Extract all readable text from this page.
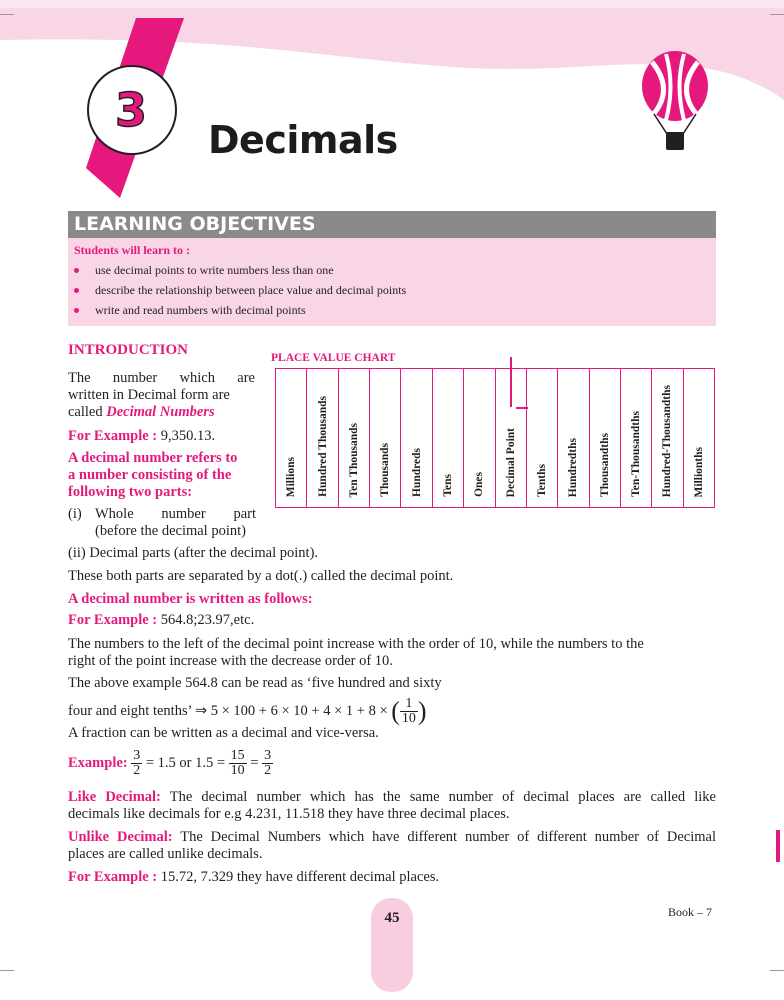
3
Decimals
LEARNING OBJECTIVES
Students will learn to :
use decimal points to write numbers less than one
describe the relationship between place value and decimal points
write and read numbers with decimal points
INTRODUCTION
The number which are
written in Decimal form are
called Decimal Numbers
For Example : 9,350.13.
A decimal number refers to
a number consisting of the
following two parts:
(i) Whole number part
(before the decimal point)
PLACE VALUE CHART
Millions Hundred Thousands Ten Thousands Thousands Hundreds Tens Ones Decimal Point Tenths Hundredths Thousandths Ten-Thousandths Hundred-Thousandths Millionths
(ii) Decimal parts (after the decimal point).
These both parts are separated by a dot(.) called the decimal point.
A decimal number is written as follows:
For Example : 564.8;23.97,etc.
The numbers to the left of the decimal point increase with the order of 10, while the numbers to the
right of the point increase with the decrease order of 10.
The above example 564.8 can be read as ‘five hundred and sixty
four and eight tenths’ ⇒ 5 × 100 + 6 × 10 + 4 × 1 + 8 × ( $\frac{1}{10}$ )
A fraction can be written as a decimal and vice-versa.
Example: $\frac{3}{2} = 1.5$ or $1.5 = \frac{15}{10} = \frac{3}{2}$
Like Decimal: The decimal number which has the same number of decimal places are called like
decimals like decimals for e.g 4.231, 11.518 they have three decimal places.
Unlike Decimal: The Decimal Numbers which have different number of different number of Decimal
places are called unlike decimals.
For Example : 15.72, 7.329 they have different decimal places.
45	Book – 7
